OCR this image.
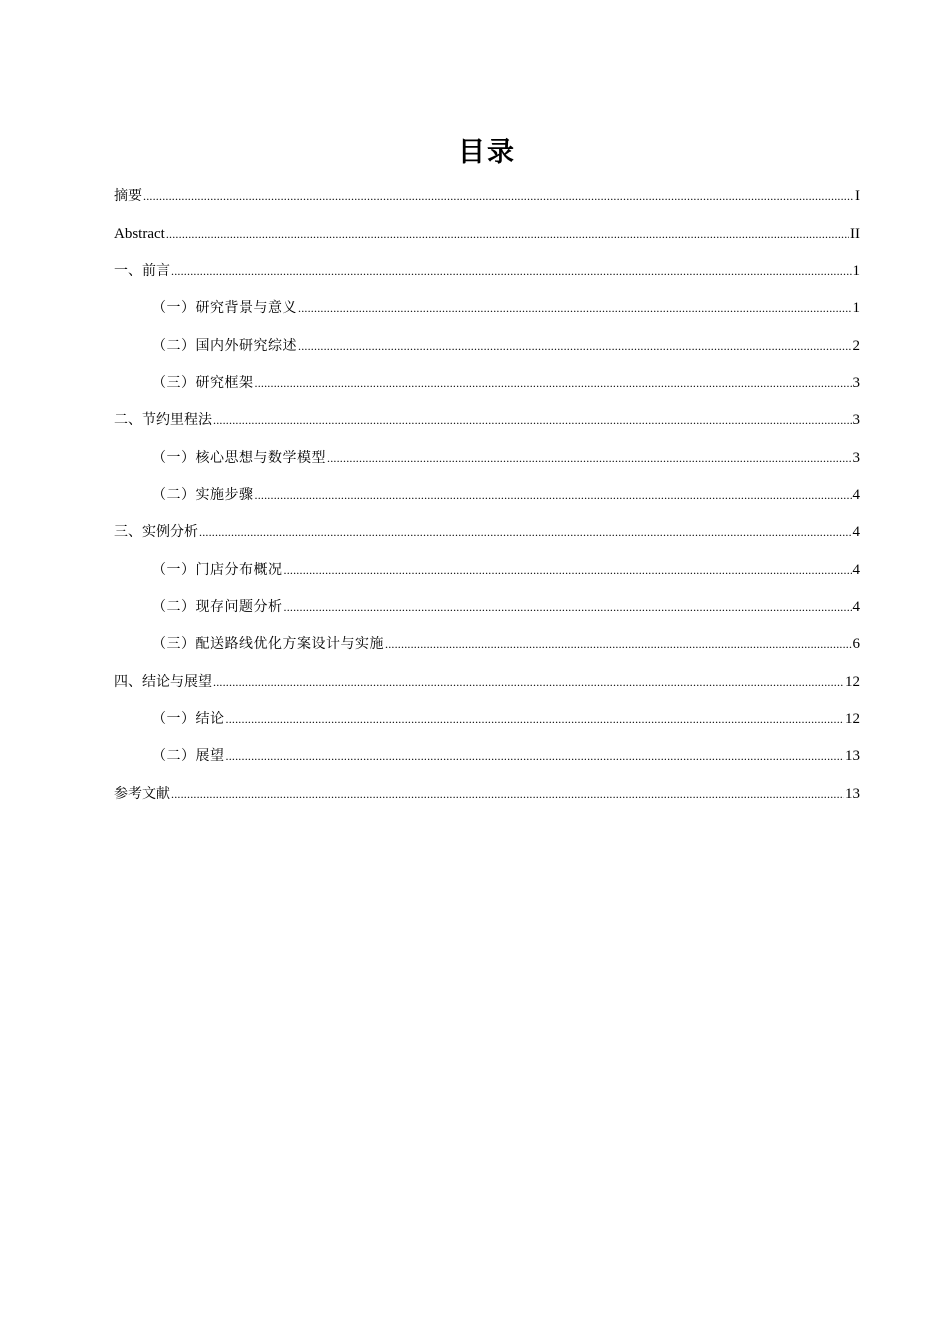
目录
摘要 .....	I
Abstract .....	II
一、前言 .....	1
（一）研究背景与意义 .....	1
（二）国内外研究综述 .....	2
（三）研究框架 .....	3
二、节约里程法 .....	3
（一）核心思想与数学模型 .....	3
（二）实施步骤 .....	4
三、实例分析 .....	4
（一）门店分布概况 .....	4
（二）现存问题分析 .....	4
（三）配送路线优化方案设计与实施 .....	6
四、结论与展望 .....	12
（一）结论 .....	12
（二）展望 .....	13
参考文献 .....	13
